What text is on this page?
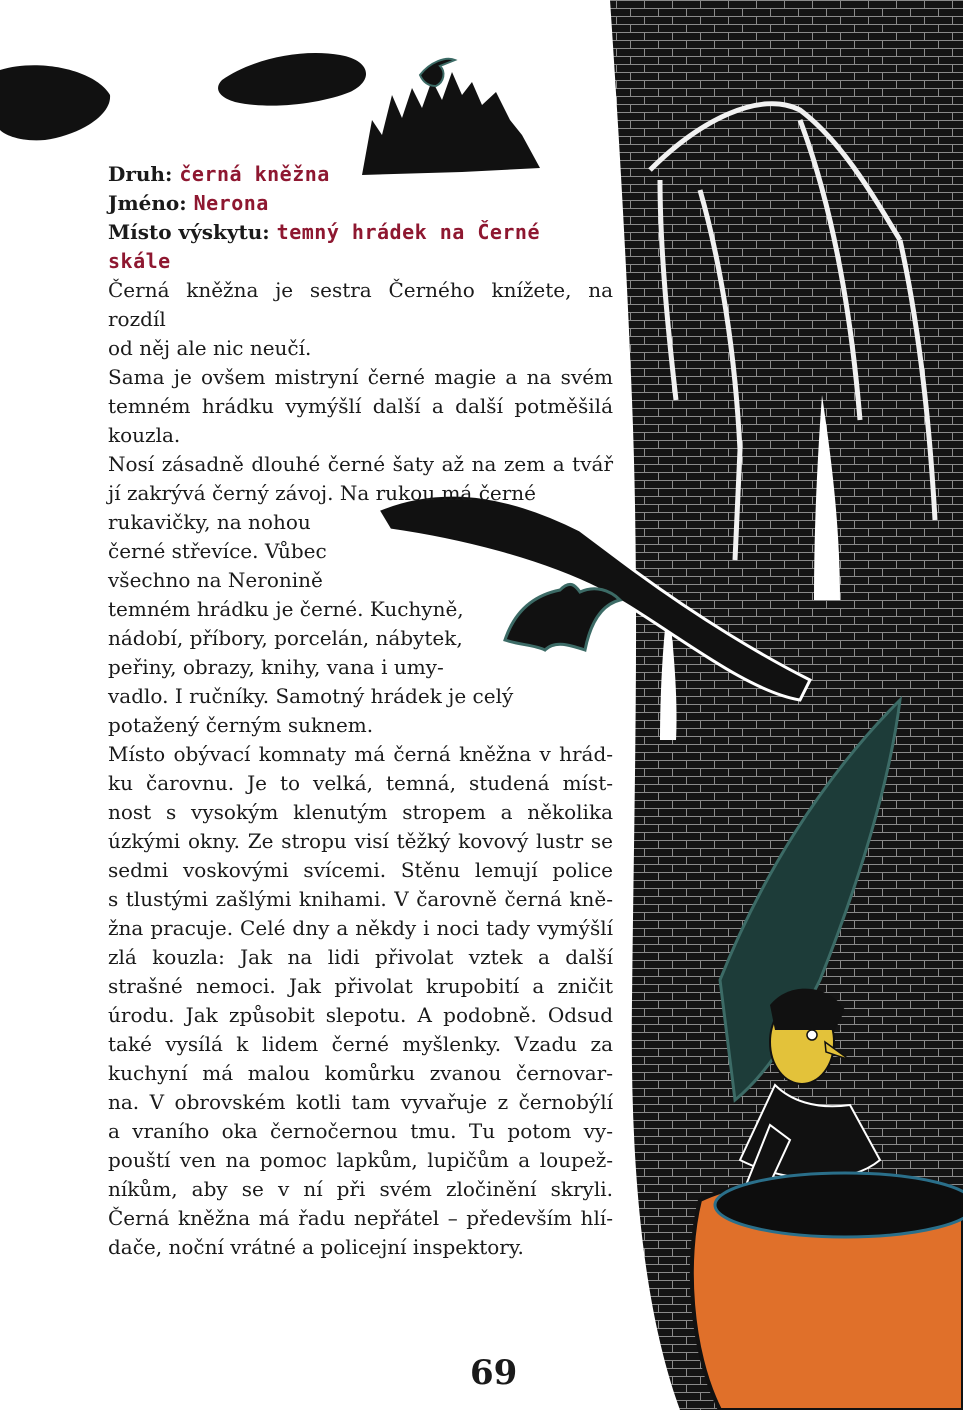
Druh: černá kněžna
Jméno: Nerona
Místo výskytu: temný hrádek na Černé skále
Černá kněžna je sestra Černého knížete, na rozdíl
od něj ale nic neučí.
Sama je ovšem mistryní černé magie a na svém
temném hrádku vymýšlí další a další potměšilá
kouzla.
Nosí zásadně dlouhé černé šaty až na zem a tvář
jí zakrývá černý závoj. Na rukou má černé
rukavičky, na nohou
černé střevíce. Vůbec
všechno na Neronině
temném hrádku je černé. Kuchyně,
nádobí, příbory, porcelán, nábytek,
peřiny, obrazy, knihy, vana i umy-
vadlo. I ručníky. Samotný hrádek je celý
potažený černým suknem.
Místo obývací komnaty má černá kněžna v hrád-
ku čarovnu. Je to velká, temná, studená míst-
nost s vysokým klenutým stropem a několika
úzkými okny. Ze stropu visí těžký kovový lustr se
sedmi voskovými svícemi. Stěnu lemují police
s tlustými zašlými knihami. V čarovně černá kně-
žna pracuje. Celé dny a někdy i noci tady vymýšlí
zlá kouzla: Jak na lidi přivolat vztek a další
strašné nemoci. Jak přivolat krupobití a zničit
úrodu. Jak způsobit slepotu. A podobně. Odsud
také vysílá k lidem černé myšlenky. Vzadu za
kuchyní má malou komůrku zvanou černovar-
na. V obrovském kotli tam vyvařuje z černobýlí
a vraního oka černočernou tmu. Tu potom vy-
pouští ven na pomoc lapkům, lupičům a loupež-
níkům, aby se v ní při svém zločinění skryli.
Černá kněžna má řadu nepřátel – především hlí-
dače, noční vrátné a policejní inspektory.
69
